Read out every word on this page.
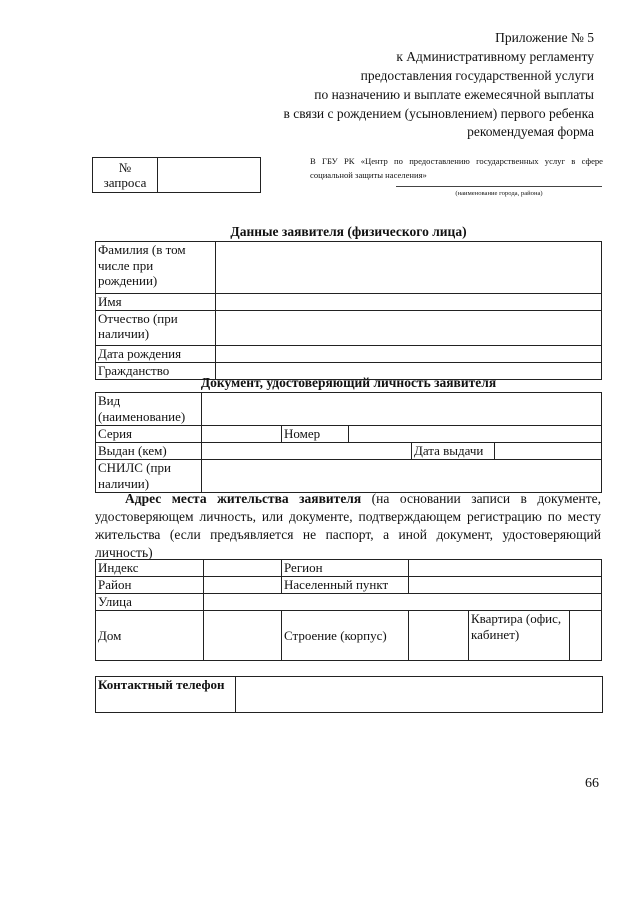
Приложение № 5
к Административному регламенту
предоставления государственной услуги
по назначению и выплате ежемесячной выплаты
в связи с рождением (усыновлением) первого ребенка
рекомендуемая форма
№
запроса
В ГБУ РК «Центр по предоставлению государственных услуг в сфере социальной защиты населения»
(наименование города, района)
Данные заявителя (физического лица)
Фамилия (в том числе при рождении)	
Имя	
Отчество (при наличии)	
Дата рождения	
Гражданство	
Документ, удостоверяющий личность заявителя
Вид (наименование)					
Серия		Номер			
Выдан (кем)				Дата выдачи	
СНИЛС (при наличии)					
Адрес места жительства заявителя (на основании записи в документе, удостоверяющем личность, или документе, подтверждающем регистрацию по месту жительства (если предъявляется не паспорт, а иной документ, удостоверяющий личность)
Индекс		Регион			
Район		Населенный пункт			
Улица					
Дом		Строение (корпус)		Квартира (офис, кабинет)	
Контактный телефон	
66
